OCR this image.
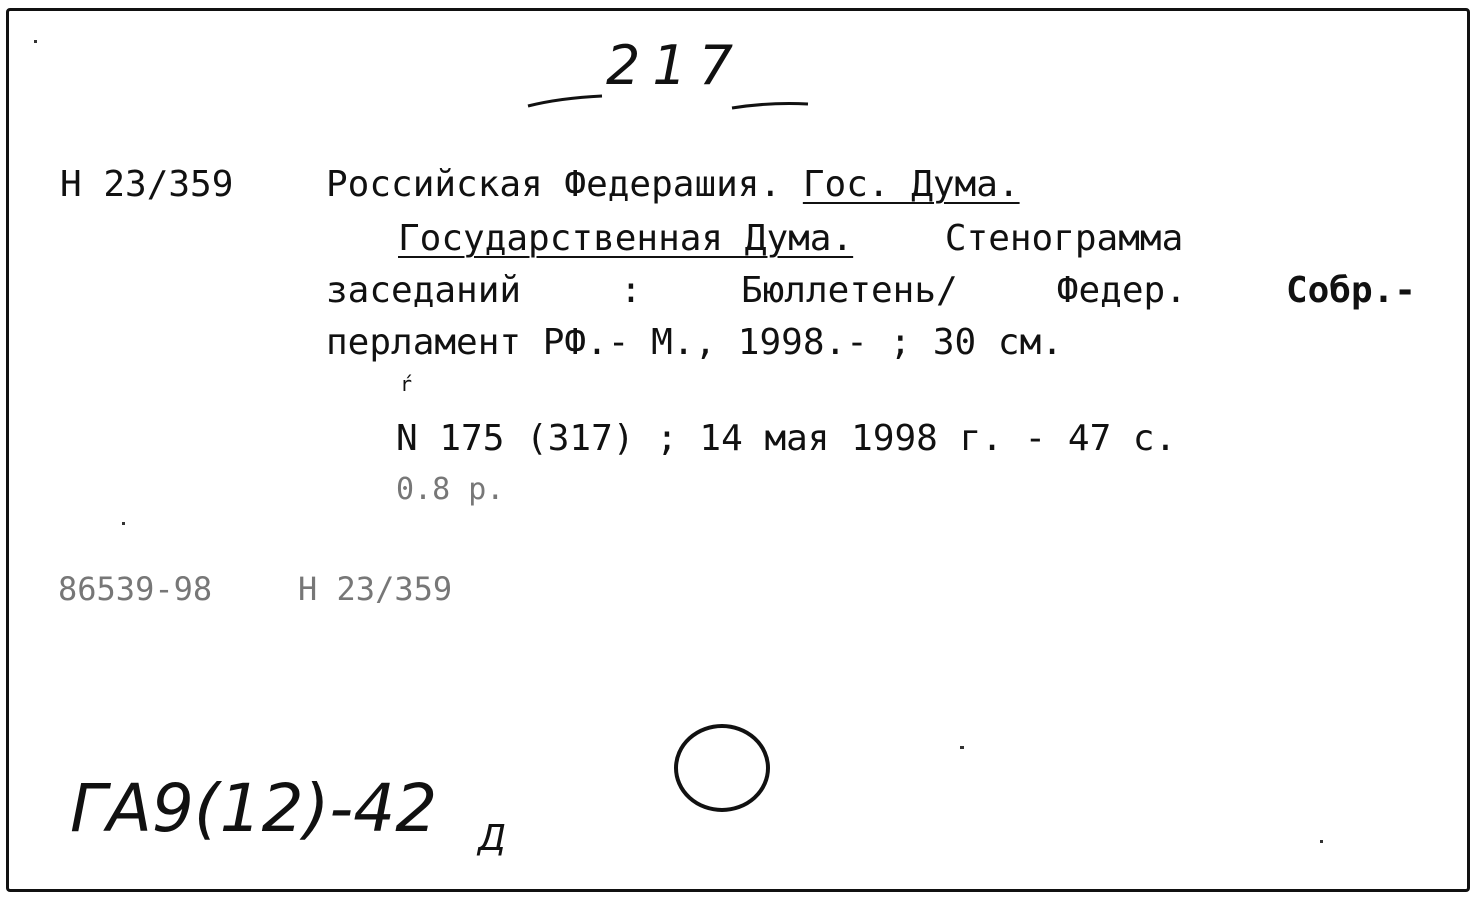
217
Н 23/359	Российская Федерашия. Гос. Дума.
Государственная Дума.	Стенограмма
заседаний	:	Бюллетень/	Федер.	Собр.-
перламент РФ.- М., 1998.- ; 30 см.
ŕ
N 175 (317) ; 14 мая 1998 г. - 47 с.
0.8 р.
86539-98	Н 23/359
ГА9(12)-42 Д
